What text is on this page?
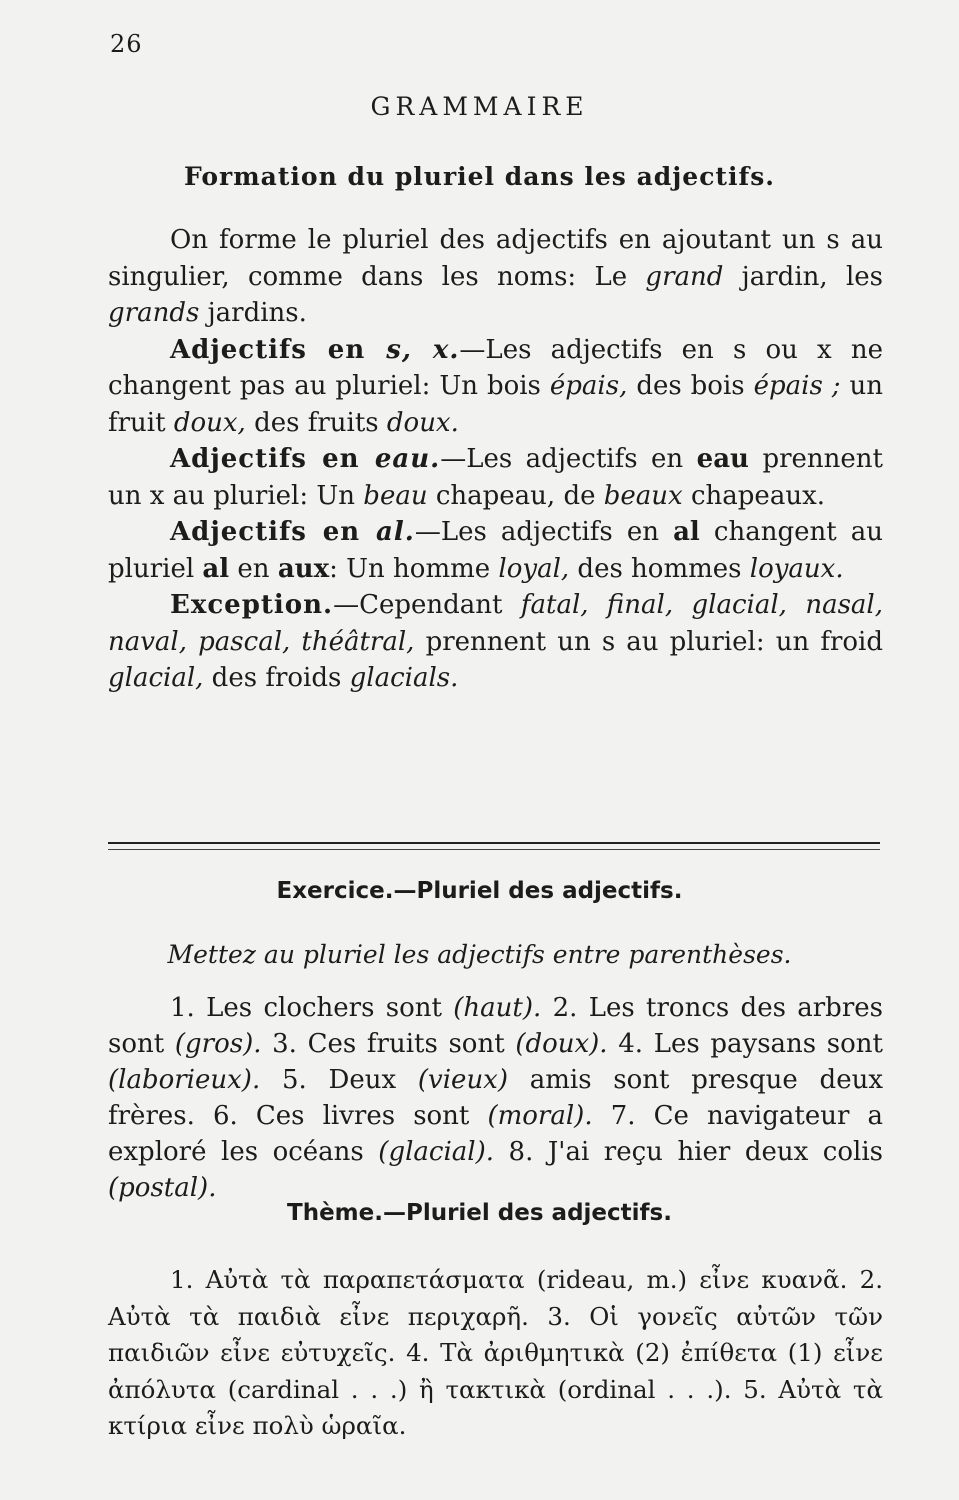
26
GRAMMAIRE
Formation du pluriel dans les adjectifs.

On forme le pluriel des adjectifs en ajoutant un s au singulier, comme dans les noms: Le grand jardin, les grands jardins.

Adjectifs en s, x.—Les adjectifs en s ou x ne changent pas au pluriel: Un bois épais, des bois épais ; un fruit doux, des fruits doux.

Adjectifs en eau.—Les adjectifs en eau prennent un x au pluriel: Un beau chapeau, de beaux chapeaux.

Adjectifs en al.—Les adjectifs en al changent au pluriel al en aux: Un homme loyal, des hommes loyaux.

Exception.—Cependant fatal, final, glacial, nasal, naval, pascal, théâtral, prennent un s au pluriel: un froid glacial, des froids glacials.

Exercice.—Pluriel des adjectifs.
Mettez au pluriel les adjectifs entre parenthèses.

1. Les clochers sont (haut). 2. Les troncs des arbres sont (gros). 3. Ces fruits sont (doux). 4. Les paysans sont (laborieux). 5. Deux (vieux) amis sont presque deux frères. 6. Ces livres sont (moral). 7. Ce navigateur a exploré les océans (glacial). 8. J'ai reçu hier deux colis (postal).

Thème.—Pluriel des adjectifs.

1. Αὐτὰ τὰ παραπετάσματα (rideau, m.) εἶνε κυανᾶ. 2. Αὐτὰ τὰ παιδιὰ εἶνε περιχαρῆ. 3. Οἱ γονεῖς αὐτῶν τῶν παιδιῶν εἶνε εὐτυχεῖς. 4. Τὰ ἀριθμητικὰ (2) ἐπίθετα (1) εἶνε ἀπόλυτα (cardinal . . .) ἢ τακτικὰ (ordinal . . .). 5. Αὐτὰ τὰ κτίρια εἶνε πολὺ ὡραῖα.
